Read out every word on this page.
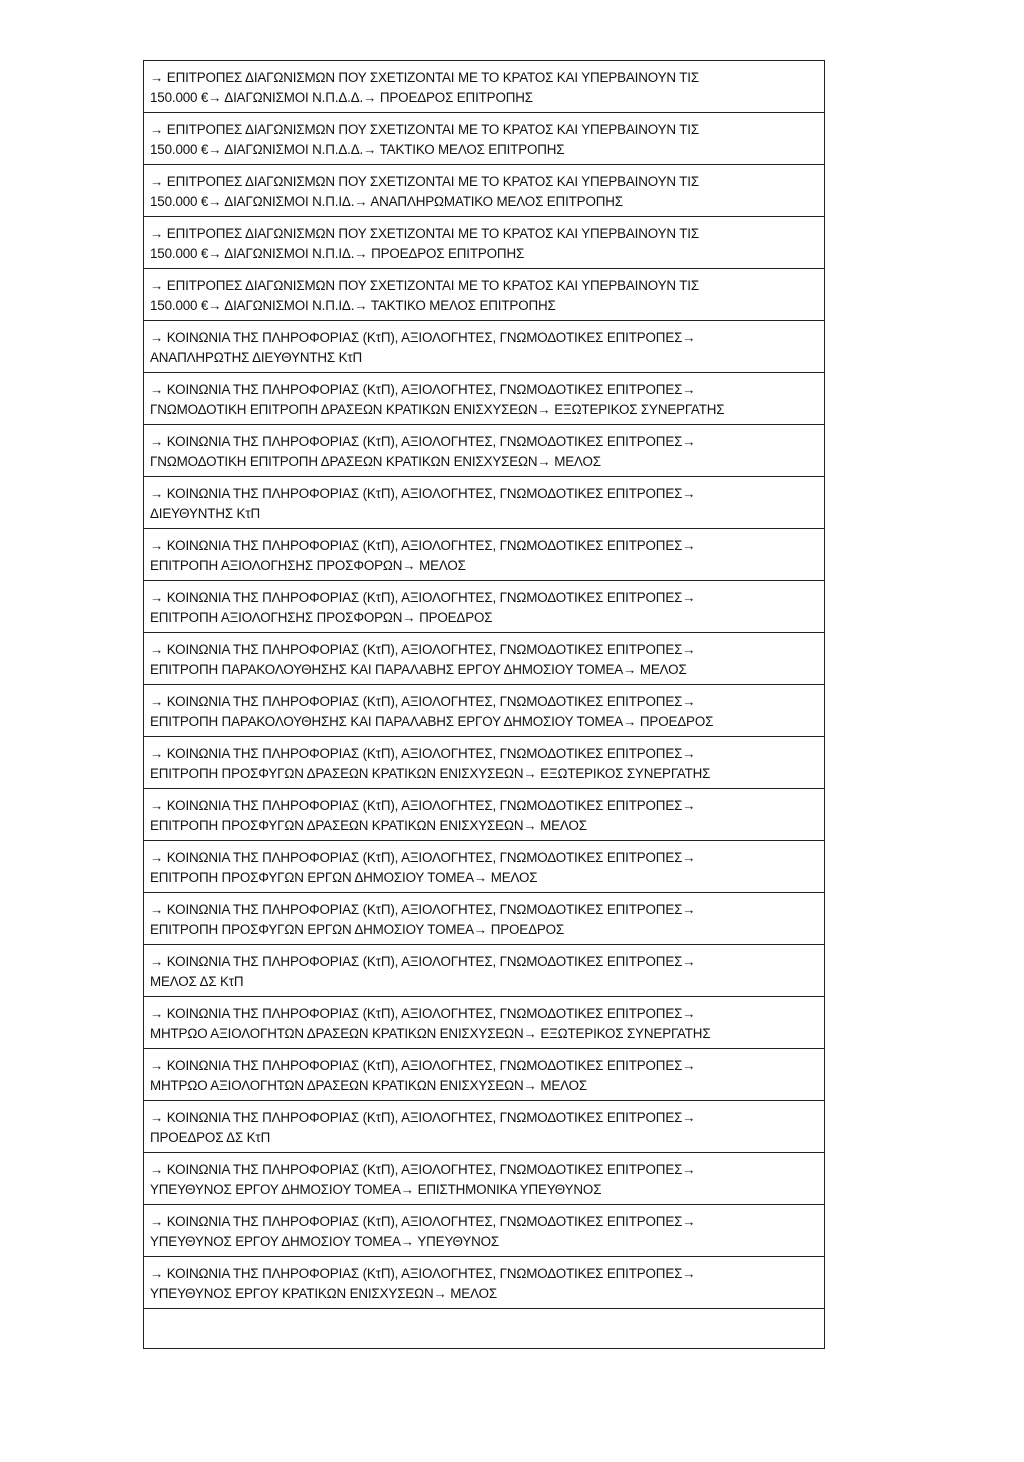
→ ΕΠΙΤΡΟΠΕΣ ΔΙΑΓΩΝΙΣΜΩΝ ΠΟΥ ΣΧΕΤΙΖΟΝΤΑΙ ΜΕ ΤΟ ΚΡΑΤΟΣ ΚΑΙ ΥΠΕΡΒΑΙΝΟΥΝ ΤΙΣ
150.000 €→ ΔΙΑΓΩΝΙΣΜΟΙ Ν.Π.Δ.Δ.→ ΠΡΟΕΔΡΟΣ ΕΠΙΤΡΟΠΗΣ
→ ΕΠΙΤΡΟΠΕΣ ΔΙΑΓΩΝΙΣΜΩΝ ΠΟΥ ΣΧΕΤΙΖΟΝΤΑΙ ΜΕ ΤΟ ΚΡΑΤΟΣ ΚΑΙ ΥΠΕΡΒΑΙΝΟΥΝ ΤΙΣ
150.000 €→ ΔΙΑΓΩΝΙΣΜΟΙ Ν.Π.Δ.Δ.→ ΤΑΚΤΙΚΟ ΜΕΛΟΣ ΕΠΙΤΡΟΠΗΣ
→ ΕΠΙΤΡΟΠΕΣ ΔΙΑΓΩΝΙΣΜΩΝ ΠΟΥ ΣΧΕΤΙΖΟΝΤΑΙ ΜΕ ΤΟ ΚΡΑΤΟΣ ΚΑΙ ΥΠΕΡΒΑΙΝΟΥΝ ΤΙΣ
150.000 €→ ΔΙΑΓΩΝΙΣΜΟΙ Ν.Π.ΙΔ.→ ΑΝΑΠΛΗΡΩΜΑΤΙΚΟ ΜΕΛΟΣ ΕΠΙΤΡΟΠΗΣ
→ ΕΠΙΤΡΟΠΕΣ ΔΙΑΓΩΝΙΣΜΩΝ ΠΟΥ ΣΧΕΤΙΖΟΝΤΑΙ ΜΕ ΤΟ ΚΡΑΤΟΣ ΚΑΙ ΥΠΕΡΒΑΙΝΟΥΝ ΤΙΣ
150.000 €→ ΔΙΑΓΩΝΙΣΜΟΙ Ν.Π.ΙΔ.→ ΠΡΟΕΔΡΟΣ ΕΠΙΤΡΟΠΗΣ
→ ΕΠΙΤΡΟΠΕΣ ΔΙΑΓΩΝΙΣΜΩΝ ΠΟΥ ΣΧΕΤΙΖΟΝΤΑΙ ΜΕ ΤΟ ΚΡΑΤΟΣ ΚΑΙ ΥΠΕΡΒΑΙΝΟΥΝ ΤΙΣ
150.000 €→ ΔΙΑΓΩΝΙΣΜΟΙ Ν.Π.ΙΔ.→ ΤΑΚΤΙΚΟ ΜΕΛΟΣ ΕΠΙΤΡΟΠΗΣ
→ ΚΟΙΝΩΝΙΑ ΤΗΣ ΠΛΗΡΟΦΟΡΙΑΣ (ΚτΠ), ΑΞΙΟΛΟΓΗΤΕΣ, ΓΝΩΜΟΔΟΤΙΚΕΣ ΕΠΙΤΡΟΠΕΣ→
ΑΝΑΠΛΗΡΩΤΗΣ ΔΙΕΥΘΥΝΤΗΣ ΚτΠ
→ ΚΟΙΝΩΝΙΑ ΤΗΣ ΠΛΗΡΟΦΟΡΙΑΣ (ΚτΠ), ΑΞΙΟΛΟΓΗΤΕΣ, ΓΝΩΜΟΔΟΤΙΚΕΣ ΕΠΙΤΡΟΠΕΣ→
ΓΝΩΜΟΔΟΤΙΚΗ ΕΠΙΤΡΟΠΗ ΔΡΑΣΕΩΝ ΚΡΑΤΙΚΩΝ ΕΝΙΣΧΥΣΕΩΝ→ ΕΞΩΤΕΡΙΚΟΣ ΣΥΝΕΡΓΑΤΗΣ
→ ΚΟΙΝΩΝΙΑ ΤΗΣ ΠΛΗΡΟΦΟΡΙΑΣ (ΚτΠ), ΑΞΙΟΛΟΓΗΤΕΣ, ΓΝΩΜΟΔΟΤΙΚΕΣ ΕΠΙΤΡΟΠΕΣ→
ΓΝΩΜΟΔΟΤΙΚΗ ΕΠΙΤΡΟΠΗ ΔΡΑΣΕΩΝ ΚΡΑΤΙΚΩΝ ΕΝΙΣΧΥΣΕΩΝ→ ΜΕΛΟΣ
→ ΚΟΙΝΩΝΙΑ ΤΗΣ ΠΛΗΡΟΦΟΡΙΑΣ (ΚτΠ), ΑΞΙΟΛΟΓΗΤΕΣ, ΓΝΩΜΟΔΟΤΙΚΕΣ ΕΠΙΤΡΟΠΕΣ→
ΔΙΕΥΘΥΝΤΗΣ ΚτΠ
→ ΚΟΙΝΩΝΙΑ ΤΗΣ ΠΛΗΡΟΦΟΡΙΑΣ (ΚτΠ), ΑΞΙΟΛΟΓΗΤΕΣ, ΓΝΩΜΟΔΟΤΙΚΕΣ ΕΠΙΤΡΟΠΕΣ→
ΕΠΙΤΡΟΠΗ ΑΞΙΟΛΟΓΗΣΗΣ ΠΡΟΣΦΟΡΩΝ→ ΜΕΛΟΣ
→ ΚΟΙΝΩΝΙΑ ΤΗΣ ΠΛΗΡΟΦΟΡΙΑΣ (ΚτΠ), ΑΞΙΟΛΟΓΗΤΕΣ, ΓΝΩΜΟΔΟΤΙΚΕΣ ΕΠΙΤΡΟΠΕΣ→
ΕΠΙΤΡΟΠΗ ΑΞΙΟΛΟΓΗΣΗΣ ΠΡΟΣΦΟΡΩΝ→ ΠΡΟΕΔΡΟΣ
→ ΚΟΙΝΩΝΙΑ ΤΗΣ ΠΛΗΡΟΦΟΡΙΑΣ (ΚτΠ), ΑΞΙΟΛΟΓΗΤΕΣ, ΓΝΩΜΟΔΟΤΙΚΕΣ ΕΠΙΤΡΟΠΕΣ→
ΕΠΙΤΡΟΠΗ ΠΑΡΑΚΟΛΟΥΘΗΣΗΣ ΚΑΙ ΠΑΡΑΛΑΒΗΣ ΕΡΓΟΥ ΔΗΜΟΣΙΟΥ ΤΟΜΕΑ→ ΜΕΛΟΣ
→ ΚΟΙΝΩΝΙΑ ΤΗΣ ΠΛΗΡΟΦΟΡΙΑΣ (ΚτΠ), ΑΞΙΟΛΟΓΗΤΕΣ, ΓΝΩΜΟΔΟΤΙΚΕΣ ΕΠΙΤΡΟΠΕΣ→
ΕΠΙΤΡΟΠΗ ΠΑΡΑΚΟΛΟΥΘΗΣΗΣ ΚΑΙ ΠΑΡΑΛΑΒΗΣ ΕΡΓΟΥ ΔΗΜΟΣΙΟΥ ΤΟΜΕΑ→ ΠΡΟΕΔΡΟΣ
→ ΚΟΙΝΩΝΙΑ ΤΗΣ ΠΛΗΡΟΦΟΡΙΑΣ (ΚτΠ), ΑΞΙΟΛΟΓΗΤΕΣ, ΓΝΩΜΟΔΟΤΙΚΕΣ ΕΠΙΤΡΟΠΕΣ→
ΕΠΙΤΡΟΠΗ ΠΡΟΣΦΥΓΩΝ ΔΡΑΣΕΩΝ ΚΡΑΤΙΚΩΝ ΕΝΙΣΧΥΣΕΩΝ→ ΕΞΩΤΕΡΙΚΟΣ ΣΥΝΕΡΓΑΤΗΣ
→ ΚΟΙΝΩΝΙΑ ΤΗΣ ΠΛΗΡΟΦΟΡΙΑΣ (ΚτΠ), ΑΞΙΟΛΟΓΗΤΕΣ, ΓΝΩΜΟΔΟΤΙΚΕΣ ΕΠΙΤΡΟΠΕΣ→
ΕΠΙΤΡΟΠΗ ΠΡΟΣΦΥΓΩΝ ΔΡΑΣΕΩΝ ΚΡΑΤΙΚΩΝ ΕΝΙΣΧΥΣΕΩΝ→ ΜΕΛΟΣ
→ ΚΟΙΝΩΝΙΑ ΤΗΣ ΠΛΗΡΟΦΟΡΙΑΣ (ΚτΠ), ΑΞΙΟΛΟΓΗΤΕΣ, ΓΝΩΜΟΔΟΤΙΚΕΣ ΕΠΙΤΡΟΠΕΣ→
ΕΠΙΤΡΟΠΗ ΠΡΟΣΦΥΓΩΝ ΕΡΓΩΝ ΔΗΜΟΣΙΟΥ ΤΟΜΕΑ→ ΜΕΛΟΣ
→ ΚΟΙΝΩΝΙΑ ΤΗΣ ΠΛΗΡΟΦΟΡΙΑΣ (ΚτΠ), ΑΞΙΟΛΟΓΗΤΕΣ, ΓΝΩΜΟΔΟΤΙΚΕΣ ΕΠΙΤΡΟΠΕΣ→
ΕΠΙΤΡΟΠΗ ΠΡΟΣΦΥΓΩΝ ΕΡΓΩΝ ΔΗΜΟΣΙΟΥ ΤΟΜΕΑ→ ΠΡΟΕΔΡΟΣ
→ ΚΟΙΝΩΝΙΑ ΤΗΣ ΠΛΗΡΟΦΟΡΙΑΣ (ΚτΠ), ΑΞΙΟΛΟΓΗΤΕΣ, ΓΝΩΜΟΔΟΤΙΚΕΣ ΕΠΙΤΡΟΠΕΣ→
ΜΕΛΟΣ ΔΣ ΚτΠ
→ ΚΟΙΝΩΝΙΑ ΤΗΣ ΠΛΗΡΟΦΟΡΙΑΣ (ΚτΠ), ΑΞΙΟΛΟΓΗΤΕΣ, ΓΝΩΜΟΔΟΤΙΚΕΣ ΕΠΙΤΡΟΠΕΣ→
ΜΗΤΡΩΟ ΑΞΙΟΛΟΓΗΤΩΝ ΔΡΑΣΕΩΝ ΚΡΑΤΙΚΩΝ ΕΝΙΣΧΥΣΕΩΝ→ ΕΞΩΤΕΡΙΚΟΣ ΣΥΝΕΡΓΑΤΗΣ
→ ΚΟΙΝΩΝΙΑ ΤΗΣ ΠΛΗΡΟΦΟΡΙΑΣ (ΚτΠ), ΑΞΙΟΛΟΓΗΤΕΣ, ΓΝΩΜΟΔΟΤΙΚΕΣ ΕΠΙΤΡΟΠΕΣ→
ΜΗΤΡΩΟ ΑΞΙΟΛΟΓΗΤΩΝ ΔΡΑΣΕΩΝ ΚΡΑΤΙΚΩΝ ΕΝΙΣΧΥΣΕΩΝ→ ΜΕΛΟΣ
→ ΚΟΙΝΩΝΙΑ ΤΗΣ ΠΛΗΡΟΦΟΡΙΑΣ (ΚτΠ), ΑΞΙΟΛΟΓΗΤΕΣ, ΓΝΩΜΟΔΟΤΙΚΕΣ ΕΠΙΤΡΟΠΕΣ→
ΠΡΟΕΔΡΟΣ ΔΣ ΚτΠ
→ ΚΟΙΝΩΝΙΑ ΤΗΣ ΠΛΗΡΟΦΟΡΙΑΣ (ΚτΠ), ΑΞΙΟΛΟΓΗΤΕΣ, ΓΝΩΜΟΔΟΤΙΚΕΣ ΕΠΙΤΡΟΠΕΣ→
ΥΠΕΥΘΥΝΟΣ ΕΡΓΟΥ ΔΗΜΟΣΙΟΥ ΤΟΜΕΑ→ ΕΠΙΣΤΗΜΟΝΙΚΑ ΥΠΕΥΘΥΝΟΣ
→ ΚΟΙΝΩΝΙΑ ΤΗΣ ΠΛΗΡΟΦΟΡΙΑΣ (ΚτΠ), ΑΞΙΟΛΟΓΗΤΕΣ, ΓΝΩΜΟΔΟΤΙΚΕΣ ΕΠΙΤΡΟΠΕΣ→
ΥΠΕΥΘΥΝΟΣ ΕΡΓΟΥ ΔΗΜΟΣΙΟΥ ΤΟΜΕΑ→ ΥΠΕΥΘΥΝΟΣ
→ ΚΟΙΝΩΝΙΑ ΤΗΣ ΠΛΗΡΟΦΟΡΙΑΣ (ΚτΠ), ΑΞΙΟΛΟΓΗΤΕΣ, ΓΝΩΜΟΔΟΤΙΚΕΣ ΕΠΙΤΡΟΠΕΣ→
ΥΠΕΥΘΥΝΟΣ ΕΡΓΟΥ ΚΡΑΤΙΚΩΝ ΕΝΙΣΧΥΣΕΩΝ→ ΜΕΛΟΣ
